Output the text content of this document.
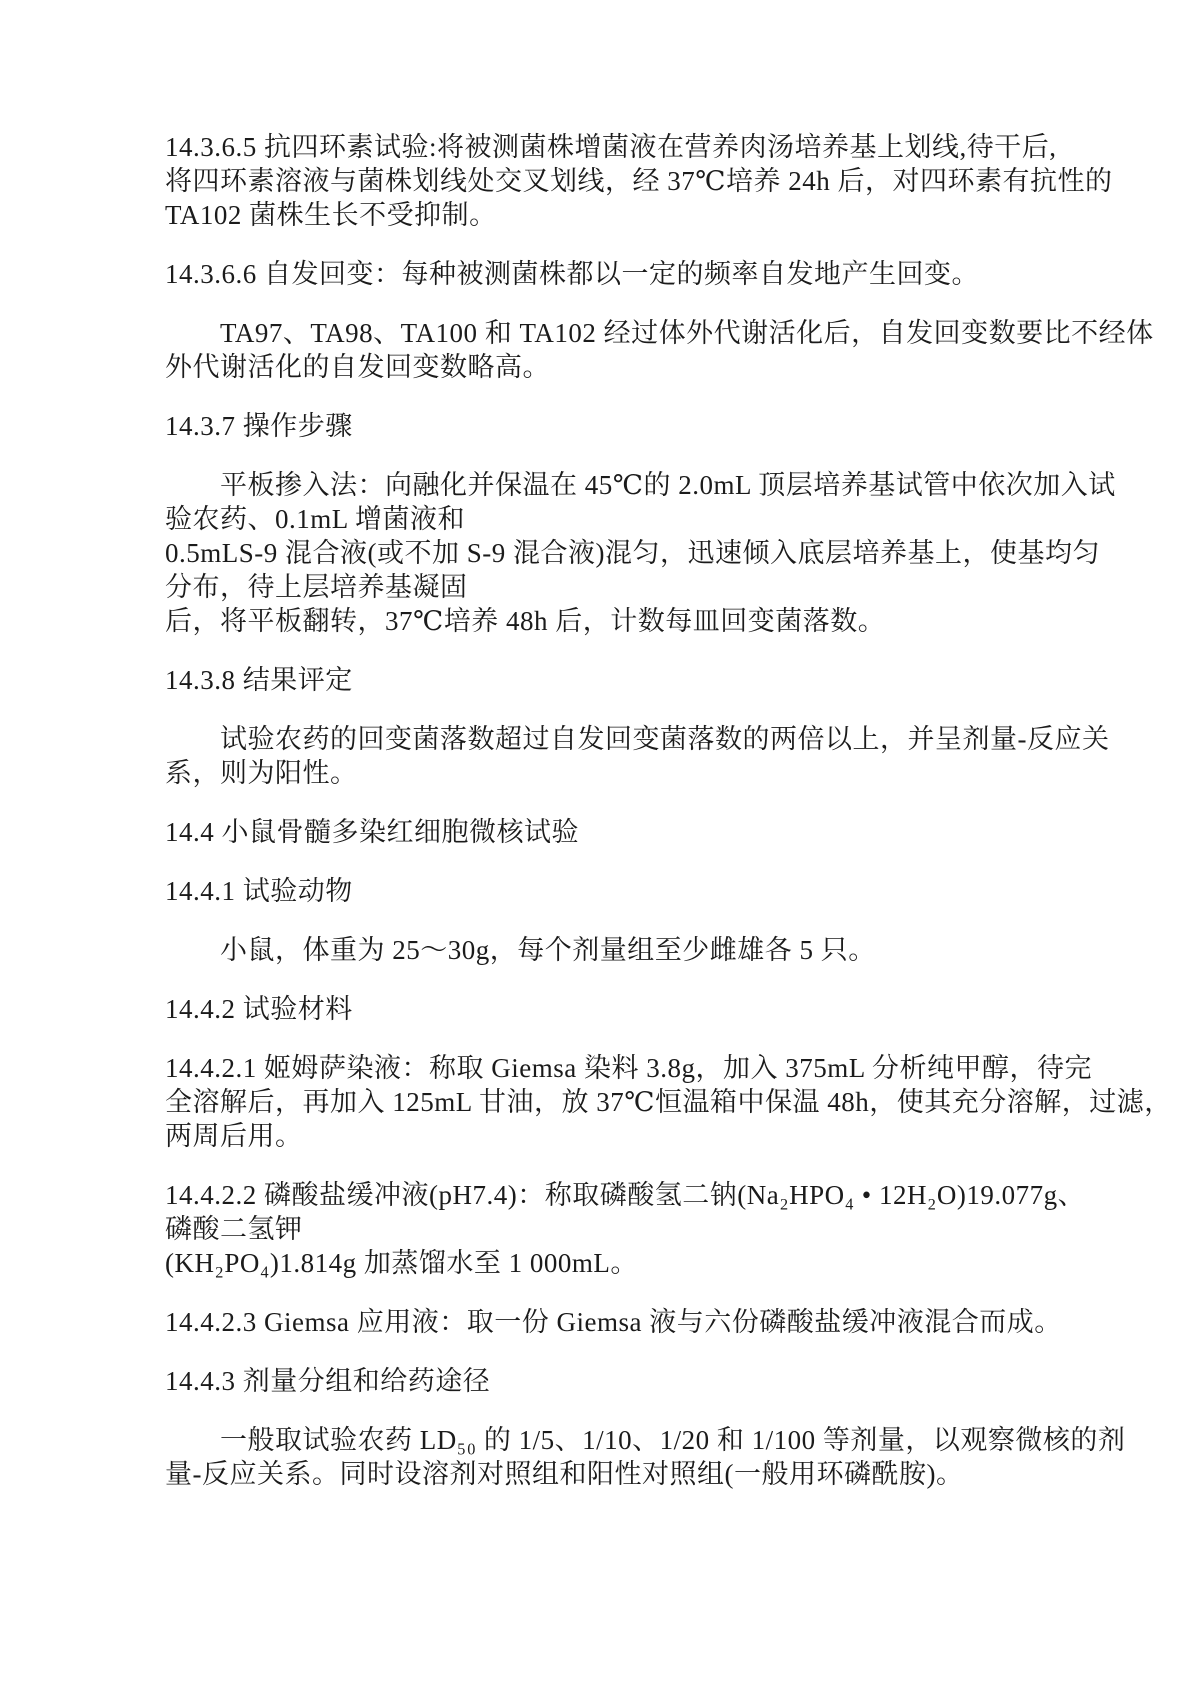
14.3.6.5 抗四环素试验:将被测菌株增菌液在营养肉汤培养基上划线,待干后,
将四环素溶液与菌株划线处交叉划线，经 37℃培养 24h 后，对四环素有抗性的
TA102 菌株生长不受抑制。

14.3.6.6 自发回变：每种被测菌株都以一定的频率自发地产生回变。

TA97、TA98、TA100 和 TA102 经过体外代谢活化后，自发回变数要比不经体
外代谢活化的自发回变数略高。

14.3.7 操作步骤

平板掺入法：向融化并保温在 45℃的 2.0mL 顶层培养基试管中依次加入试
验农药、0.1mL 增菌液和
0.5mLS-9 混合液(或不加 S-9 混合液)混匀，迅速倾入底层培养基上，使基均匀
分布，待上层培养基凝固
后，将平板翻转，37℃培养 48h 后，计数每皿回变菌落数。

14.3.8 结果评定

试验农药的回变菌落数超过自发回变菌落数的两倍以上，并呈剂量-反应关
系，则为阳性。

14.4 小鼠骨髓多染红细胞微核试验

14.4.1 试验动物

小鼠，体重为 25～30g，每个剂量组至少雌雄各 5 只。

14.4.2 试验材料

14.4.2.1 姬姆萨染液：称取 Giemsa 染料 3.8g，加入 375mL 分析纯甲醇，待完
全溶解后，再加入 125mL 甘油，放 37℃恒温箱中保温 48h，使其充分溶解，过滤，
两周后用。

14.4.2.2 磷酸盐缓冲液(pH7.4)：称取磷酸氢二钠(Na₂HPO₄ • 12H₂O)19.077g、
磷酸二氢钾
(KH₂PO₄)1.814g 加蒸馏水至 1 000mL。

14.4.2.3 Giemsa 应用液：取一份 Giemsa 液与六份磷酸盐缓冲液混合而成。

14.4.3 剂量分组和给药途径

一般取试验农药 LD₅₀ 的 1/5、1/10、1/20 和 1/100 等剂量，以观察微核的剂
量-反应关系。同时设溶剂对照组和阳性对照组(一般用环磷酰胺)。
